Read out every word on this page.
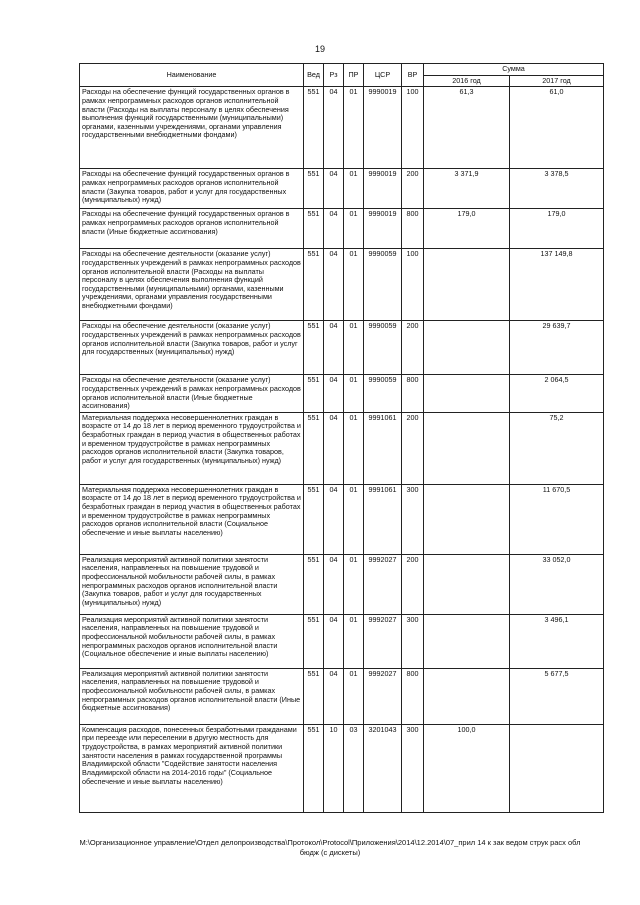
19
Наименование	Вед	Рз	ПР	ЦСР	ВР	Сумма	
						2016 год	2017 год
Расходы на обеспечение функций государственных органов в рамках непрограммных расходов органов исполнительной власти (Расходы на выплаты персоналу в целях обеспечения выполнения функций государственными (муниципальными) органами, казенными учреждениями, органами управления государственными внебюджетными фондами)	551	04	01	9990019	100	61,3	61,0
Расходы на обеспечение функций государственных органов в рамках непрограммных расходов органов исполнительной власти (Закупка товаров, работ и услуг для государственных (муниципальных) нужд)	551	04	01	9990019	200	3 371,9	3 378,5
Расходы на обеспечение функций государственных органов в рамках непрограммных расходов органов исполнительной власти (Иные бюджетные ассигнования)	551	04	01	9990019	800	179,0	179,0
Расходы на обеспечение деятельности (оказание услуг) государственных учреждений в рамках непрограммных расходов органов исполнительной власти (Расходы на выплаты персоналу в целях обеспечения выполнения функций государственными (муниципальными) органами, казенными учреждениями, органами управления государственными внебюджетными фондами)	551	04	01	9990059	100		137 149,8
Расходы на обеспечение деятельности (оказание услуг) государственных учреждений в рамках непрограммных расходов органов исполнительной власти (Закупка товаров, работ и услуг для государственных (муниципальных) нужд)	551	04	01	9990059	200		29 639,7
Расходы на обеспечение деятельности (оказание услуг) государственных учреждений в рамках непрограммных расходов органов исполнительной власти (Иные бюджетные ассигнования)	551	04	01	9990059	800		2 064,5
Материальная поддержка несовершеннолетних граждан в возрасте от 14 до 18 лет в период временного трудоустройства и безработных граждан в период участия в общественных работах и временном трудоустройстве в рамках непрограммных расходов органов исполнительной власти (Закупка товаров, работ и услуг для государственных (муниципальных) нужд)	551	04	01	9991061	200		75,2
Материальная поддержка несовершеннолетних граждан в возрасте от 14 до 18 лет в период временного трудоустройства и безработных граждан в период участия в общественных работах и временном трудоустройстве в рамках непрограммных расходов органов исполнительной власти (Социальное обеспечение и иные выплаты населению)	551	04	01	9991061	300		11 670,5
Реализация мероприятий активной политики занятости населения, направленных на повышение трудовой и профессиональной мобильности рабочей силы, в рамках непрограммных расходов органов исполнительной власти (Закупка товаров, работ и услуг для государственных (муниципальных) нужд)	551	04	01	9992027	200		33 052,0
Реализация мероприятий активной политики занятости населения, направленных на повышение трудовой и профессиональной мобильности рабочей силы, в рамках непрограммных расходов органов исполнительной власти (Социальное обеспечение и иные выплаты населению)	551	04	01	9992027	300		3 496,1
Реализация мероприятий активной политики занятости населения, направленных на повышение трудовой и профессиональной мобильности рабочей силы, в рамках непрограммных расходов органов исполнительной власти (Иные бюджетные ассигнования)	551	04	01	9992027	800		5 677,5
Компенсация расходов, понесенных безработными гражданами при переезде или переселении в другую местность для трудоустройства, в рамках мероприятий активной политики занятости населения в рамках государственной программы Владимирской области "Содействие занятости населения Владимирской области на 2014-2016 годы" (Социальное обеспечение и иные выплаты населению)	551	10	03	3201043	300	100,0	
M:\Организационное управление\Отдел делопроизводства\Протокол\Protocol\Приложения\2014\12.2014\07_прил 14 к зак ведом струк расх обл бюдж (с дискеты)
